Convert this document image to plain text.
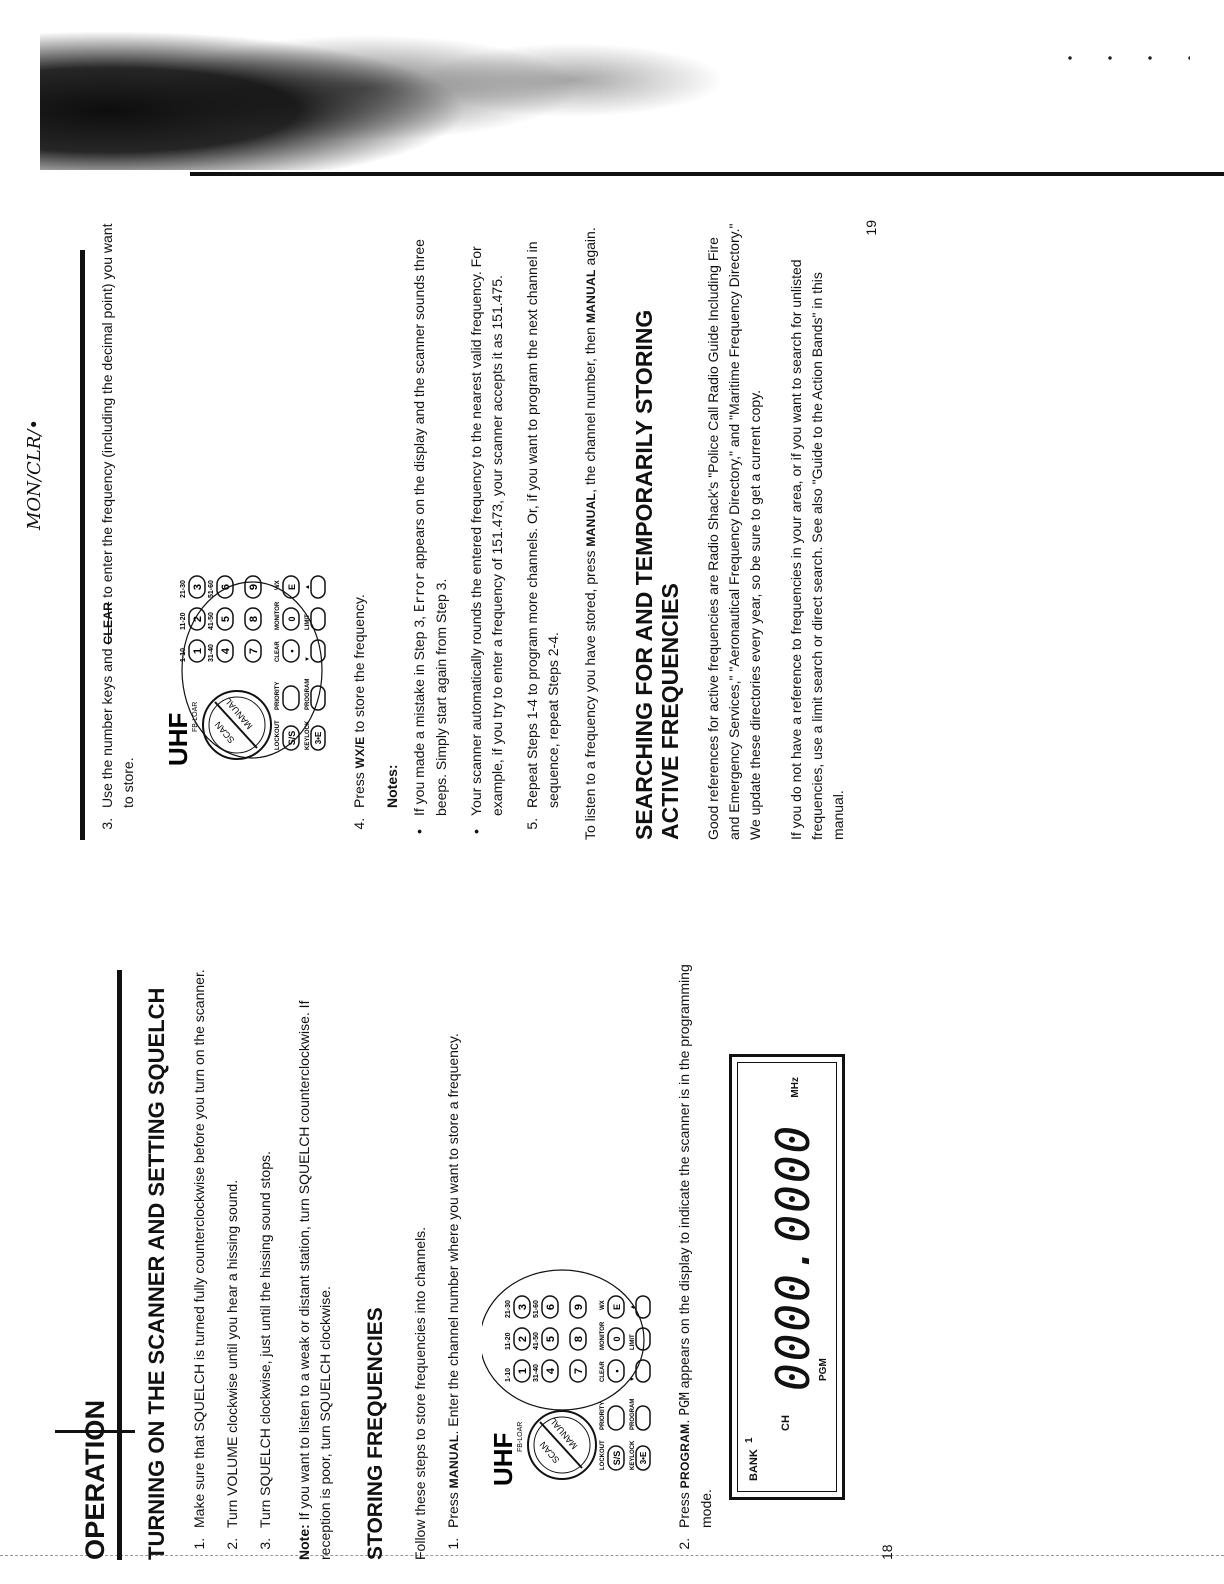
OPERATION TURNING ON THE SCANNER AND SETTING SQUELCH 1. Make sure that SQUELCH is turned fully counterclockwise before you turn on the scanner. 2. Turn VOLUME clockwise until you hear a hissing sound. 3. Turn SQUELCH clockwise, just until the hissing sound stops.

Note: If you want to listen to a weak or distant station, turn SQUELCH counterclockwise. If reception is poor, turn SQUELCH clockwise. STORING FREQUENCIES Follow these steps to store frequencies into channels. 1. Press MANUAL. Enter the channel number where you want to store a frequency.
UHF FB-LOAR
SCAN
MANUAL
1-10
11-20
21-30
31-40
41-50
51-60
1
2
3
4
5
6
7
8
9
LOCKOUT
PRIORITY
CLEAR
MONITOR
WX
S/S
•
0
E
KEYLOCK
PROGRAM
▼
LIMIT
▲
3•E
2. Press PROGRAM. PGM appears on the display to indicate the scanner is in the programming mode.
BANK
1
CH
0000.0000
PGM
MHz
18
MON/CLR/•
3. Use the number keys and CLEAR to enter the frequency (including the decimal point) you want to store.
UHF FB-LOAR
SCAN
MANUAL
1-10
11-20
21-30
31-40
41-50
51-60
1
2
3
4
5
6
7
8
9
LOCKOUT
PRIORITY
CLEAR
MONITOR
WX
S/S
•
0
E
KEYLOCK
PROGRAM
▼
LIMIT
▲
3•E
4. Press WX/E to store the frequency.

Notes: • If you made a mistake in Step 3, Error appears on the display and the scanner sounds three beeps. Simply start again from Step 3. • Your scanner automatically rounds the entered frequency to the nearest valid frequency. For example, if you try to enter a frequency of 151.473, your scanner accepts it as 151.475. 5. Repeat Steps 1-4 to program more channels. Or, if you want to program the next channel in sequence, repeat Steps 2-4. To listen to a frequency you have stored, press MANUAL, the channel number, then MANUAL again.

SEARCHING FOR AND TEMPORARILY STORING ACTIVE FREQUENCIES Good references for active frequencies are Radio Shack's "Police Call Radio Guide Including Fire and Emergency Services," "Aeronautical Frequency Directory," and "Maritime Frequency Directory." We update these directories every year, so be sure to get a current copy. If you do not have a reference to frequencies in your area, or if you want to search for unlisted frequencies, use a limit search or direct search. See also "Guide to the Action Bands" in this manual.

19
